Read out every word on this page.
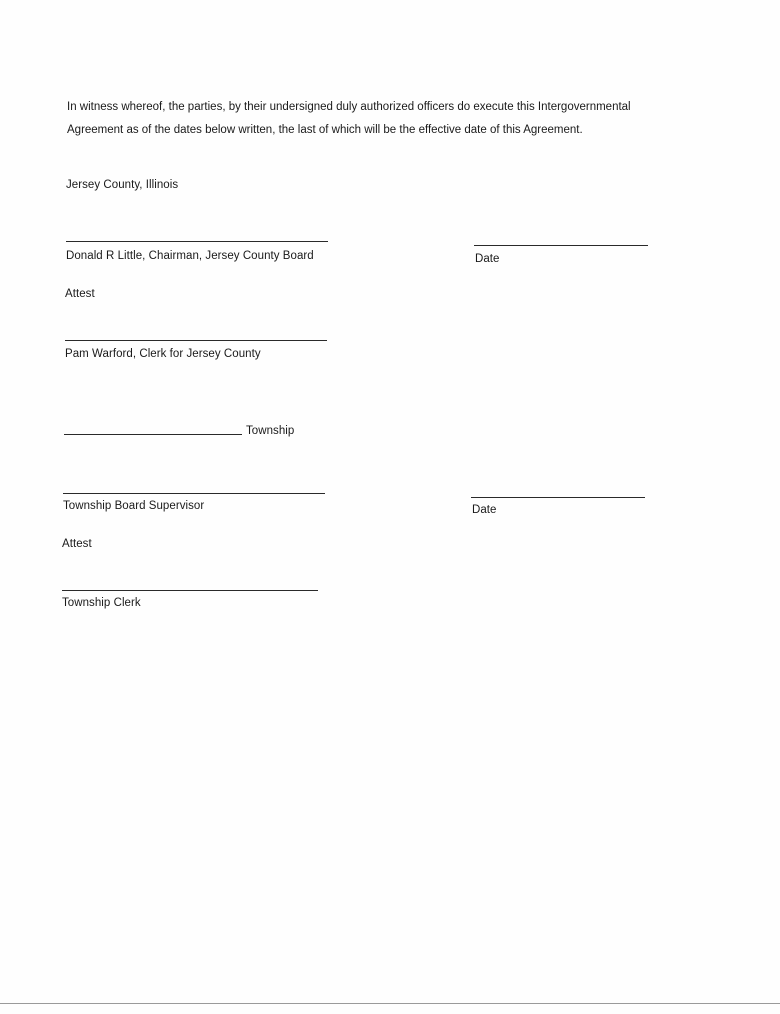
In witness whereof, the parties, by their undersigned duly authorized officers do execute this Intergovernmental
Agreement as of the dates below written, the last of which will be the effective date of this Agreement.
Jersey County, Illinois
Donald R Little, Chairman, Jersey County Board	Date
Attest
Pam Warford, Clerk for Jersey County
Township
Township Board Supervisor	Date
Attest
Township Clerk
